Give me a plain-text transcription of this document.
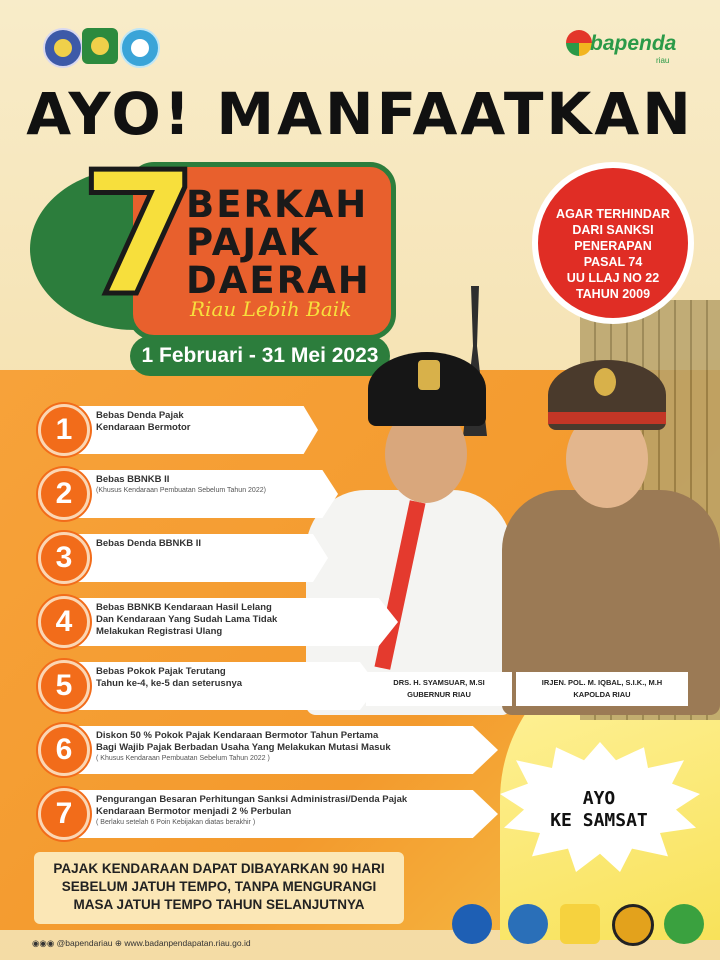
bapenda
riau
AYO! MANFAATKAN
7
BERKAH
PAJAK
DAERAH
Riau Lebih Baik
1 Februari - 31 Mei 2023
AGAR TERHINDAR
DARI SANKSI
PENERAPAN
PASAL 74
UU LLAJ NO 22
TAHUN 2009
DRS. H. SYAMSUAR, M.SI
GUBERNUR RIAU
IRJEN. POL. M. IQBAL, S.I.K., M.H
KAPOLDA RIAU
1	Bebas Denda Pajak
Kendaraan Bermotor
2	Bebas BBNKB II
(Khusus Kendaraan Pembuatan Sebelum Tahun 2022)
3	Bebas Denda BBNKB II
4	Bebas BBNKB Kendaraan Hasil Lelang
Dan Kendaraan Yang Sudah Lama Tidak
Melakukan Registrasi Ulang
5	Bebas Pokok Pajak Terutang
Tahun ke-4, ke-5 dan seterusnya
6	Diskon 50 % Pokok Pajak Kendaraan Bermotor Tahun Pertama
Bagi Wajib Pajak Berbadan Usaha Yang Melakukan Mutasi Masuk
( Khusus Kendaraan Pembuatan Sebelum Tahun 2022 )
7	Pengurangan Besaran Perhitungan Sanksi Administrasi/Denda Pajak
Kendaraan Bermotor menjadi 2 % Perbulan
( Berlaku setelah 6 Poin Kebijakan diatas berakhir )
PAJAK KENDARAAN DAPAT DIBAYARKAN 90 HARI
SEBELUM JATUH TEMPO, TANPA MENGURANGI
MASA JATUH TEMPO TAHUN SELANJUTNYA
AYO
KE SAMSAT
◉◉◉ @bapendariau ⊕ www.badanpendapatan.riau.go.id
